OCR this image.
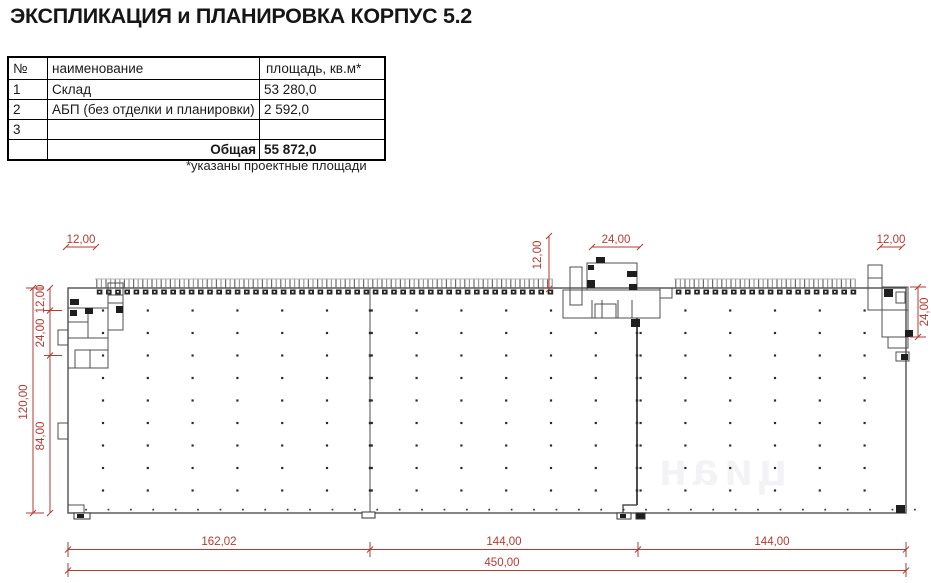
ЭКСПЛИКАЦИЯ и ПЛАНИРОВКА КОРПУС 5.2
№	наименование	площадь, кв.м*
1	Склад	53 280,0
2	АБП (без отделки и планировки)	2 592,0
3		
	Общая	55 872,0
*указаны проектные площади
12,00
12,00
24,00	12,00
120,00
12,00
24,00
84,00
24,00
162,02	144,00	144,00
450,00
циан
